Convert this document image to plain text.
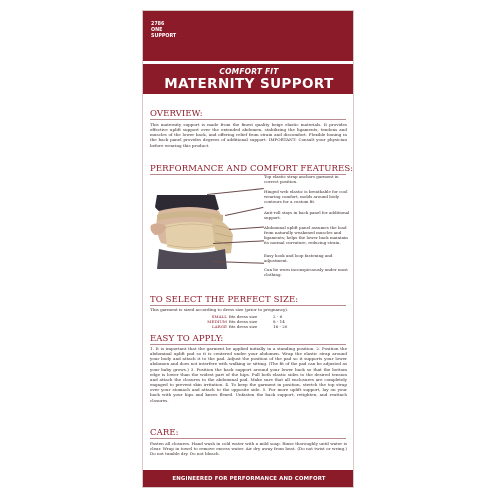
2786
ONE
SUPPORT
COMFORT FIT
MATERNITY SUPPORT
OVERVIEW:
This maternity support is made from the finest quality beige elastic materials. It provides effective uplift support over the extended abdomen, stabilizing the ligaments, tendons and muscles of the lower back, and offering relief from strain and discomfort. Flexible boning in the back panel provides degrees of additional support. IMPORTANT: Consult your physician before wearing this product.
PERFORMANCE AND COMFORT FEATURES:
Top elastic strap anchors garment in correct position.
Hinged web elastic is breathable for cool wearing comfort, molds around body contours for a custom fit.
Anti-roll stays in back panel for additional support.
Abdominal uplift panel assumes the load from naturally weakened muscles and ligaments; helps the lower back maintain its normal curvature, reducing strain.
Easy hook and loop fastening and adjustment.
Can be worn inconspicuously under most clothing.
TO SELECT THE PERFECT SIZE:
This garment is sized according to dress size (prior to pregnancy).
SMALL
MEDIUM
LARGE
fits dress size
fits dress size
fits dress size
2 - 6
8 - 14
16 - 20
EASY TO APPLY:
1. It is important that the garment be applied initially in a standing position. 2. Position the abdominal uplift pad so it is centered under your abdomen. Wrap the elastic strap around your body and attach it to the pad. Adjust the position of the pad so it supports your lower abdomen and does not interfere with walking or sitting. (The fit of the pad can be adjusted as your baby grows.) 3. Position the back support around your lower back so that the bottom edge is lower than the widest part of the hips. Pull both elastic sides to the desired tension and attach the closures to the abdominal pad. Make sure that all enclosures are completely engaged to prevent skin irritation. 4. To keep the garment in position, stretch the top strap over your stomach and attach to the opposite side. 5. For more uplift support, lay on your back with your hips and knees flexed. Unfasten the back support, retighten, and reattach closures.
CARE:
Fasten all closures. Hand wash in cold water with a mild soap. Rinse thoroughly until water is clear. Wrap in towel to remove excess water. Air dry away from heat. (Do not twist or wring.) Do not tumble dry. Do not bleach.
ENGINEERED FOR PERFORMANCE AND COMFORT
